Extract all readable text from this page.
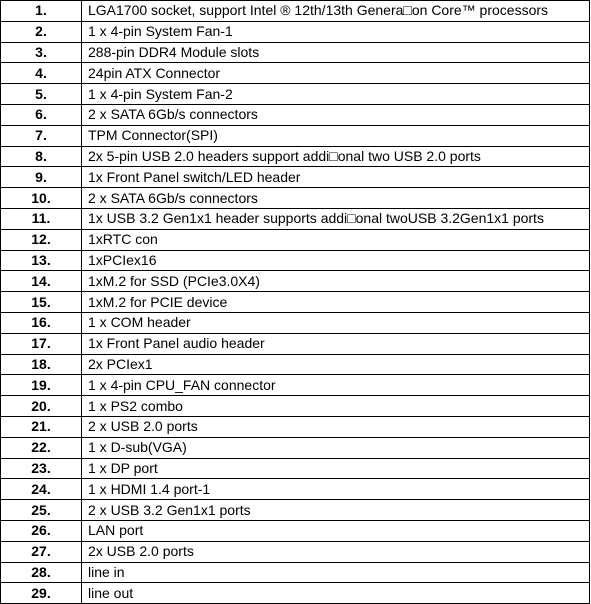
1.	LGA1700 socket, support Intel ® 12th/13th Genera□on Core™ processors
2.	1 x 4-pin System Fan-1
3.	288-pin DDR4 Module slots
4.	24pin ATX Connector
5.	1 x 4-pin System Fan-2
6.	2 x SATA 6Gb/s connectors
7.	TPM Connector(SPI)
8.	2x 5-pin USB 2.0 headers support addi□onal two USB 2.0 ports
9.	1x Front Panel switch/LED header
10.	2 x SATA 6Gb/s connectors
11.	1x USB 3.2 Gen1x1 header supports addi□onal twoUSB 3.2Gen1x1 ports
12.	1xRTC con
13.	1xPCIex16
14.	1xM.2 for SSD (PCIe3.0X4)
15.	1xM.2 for PCIE device
16.	1 x COM header
17.	1x Front Panel audio header
18.	2x PCIex1
19.	1 x 4-pin CPU_FAN connector
20.	1 x PS2 combo
21.	2 x USB 2.0 ports
22.	1 x D-sub(VGA)
23.	1 x DP port
24.	1 x HDMI 1.4 port-1
25.	2 x USB 3.2 Gen1x1 ports
26.	LAN port
27.	2x USB 2.0 ports
28.	line in
29.	line out
